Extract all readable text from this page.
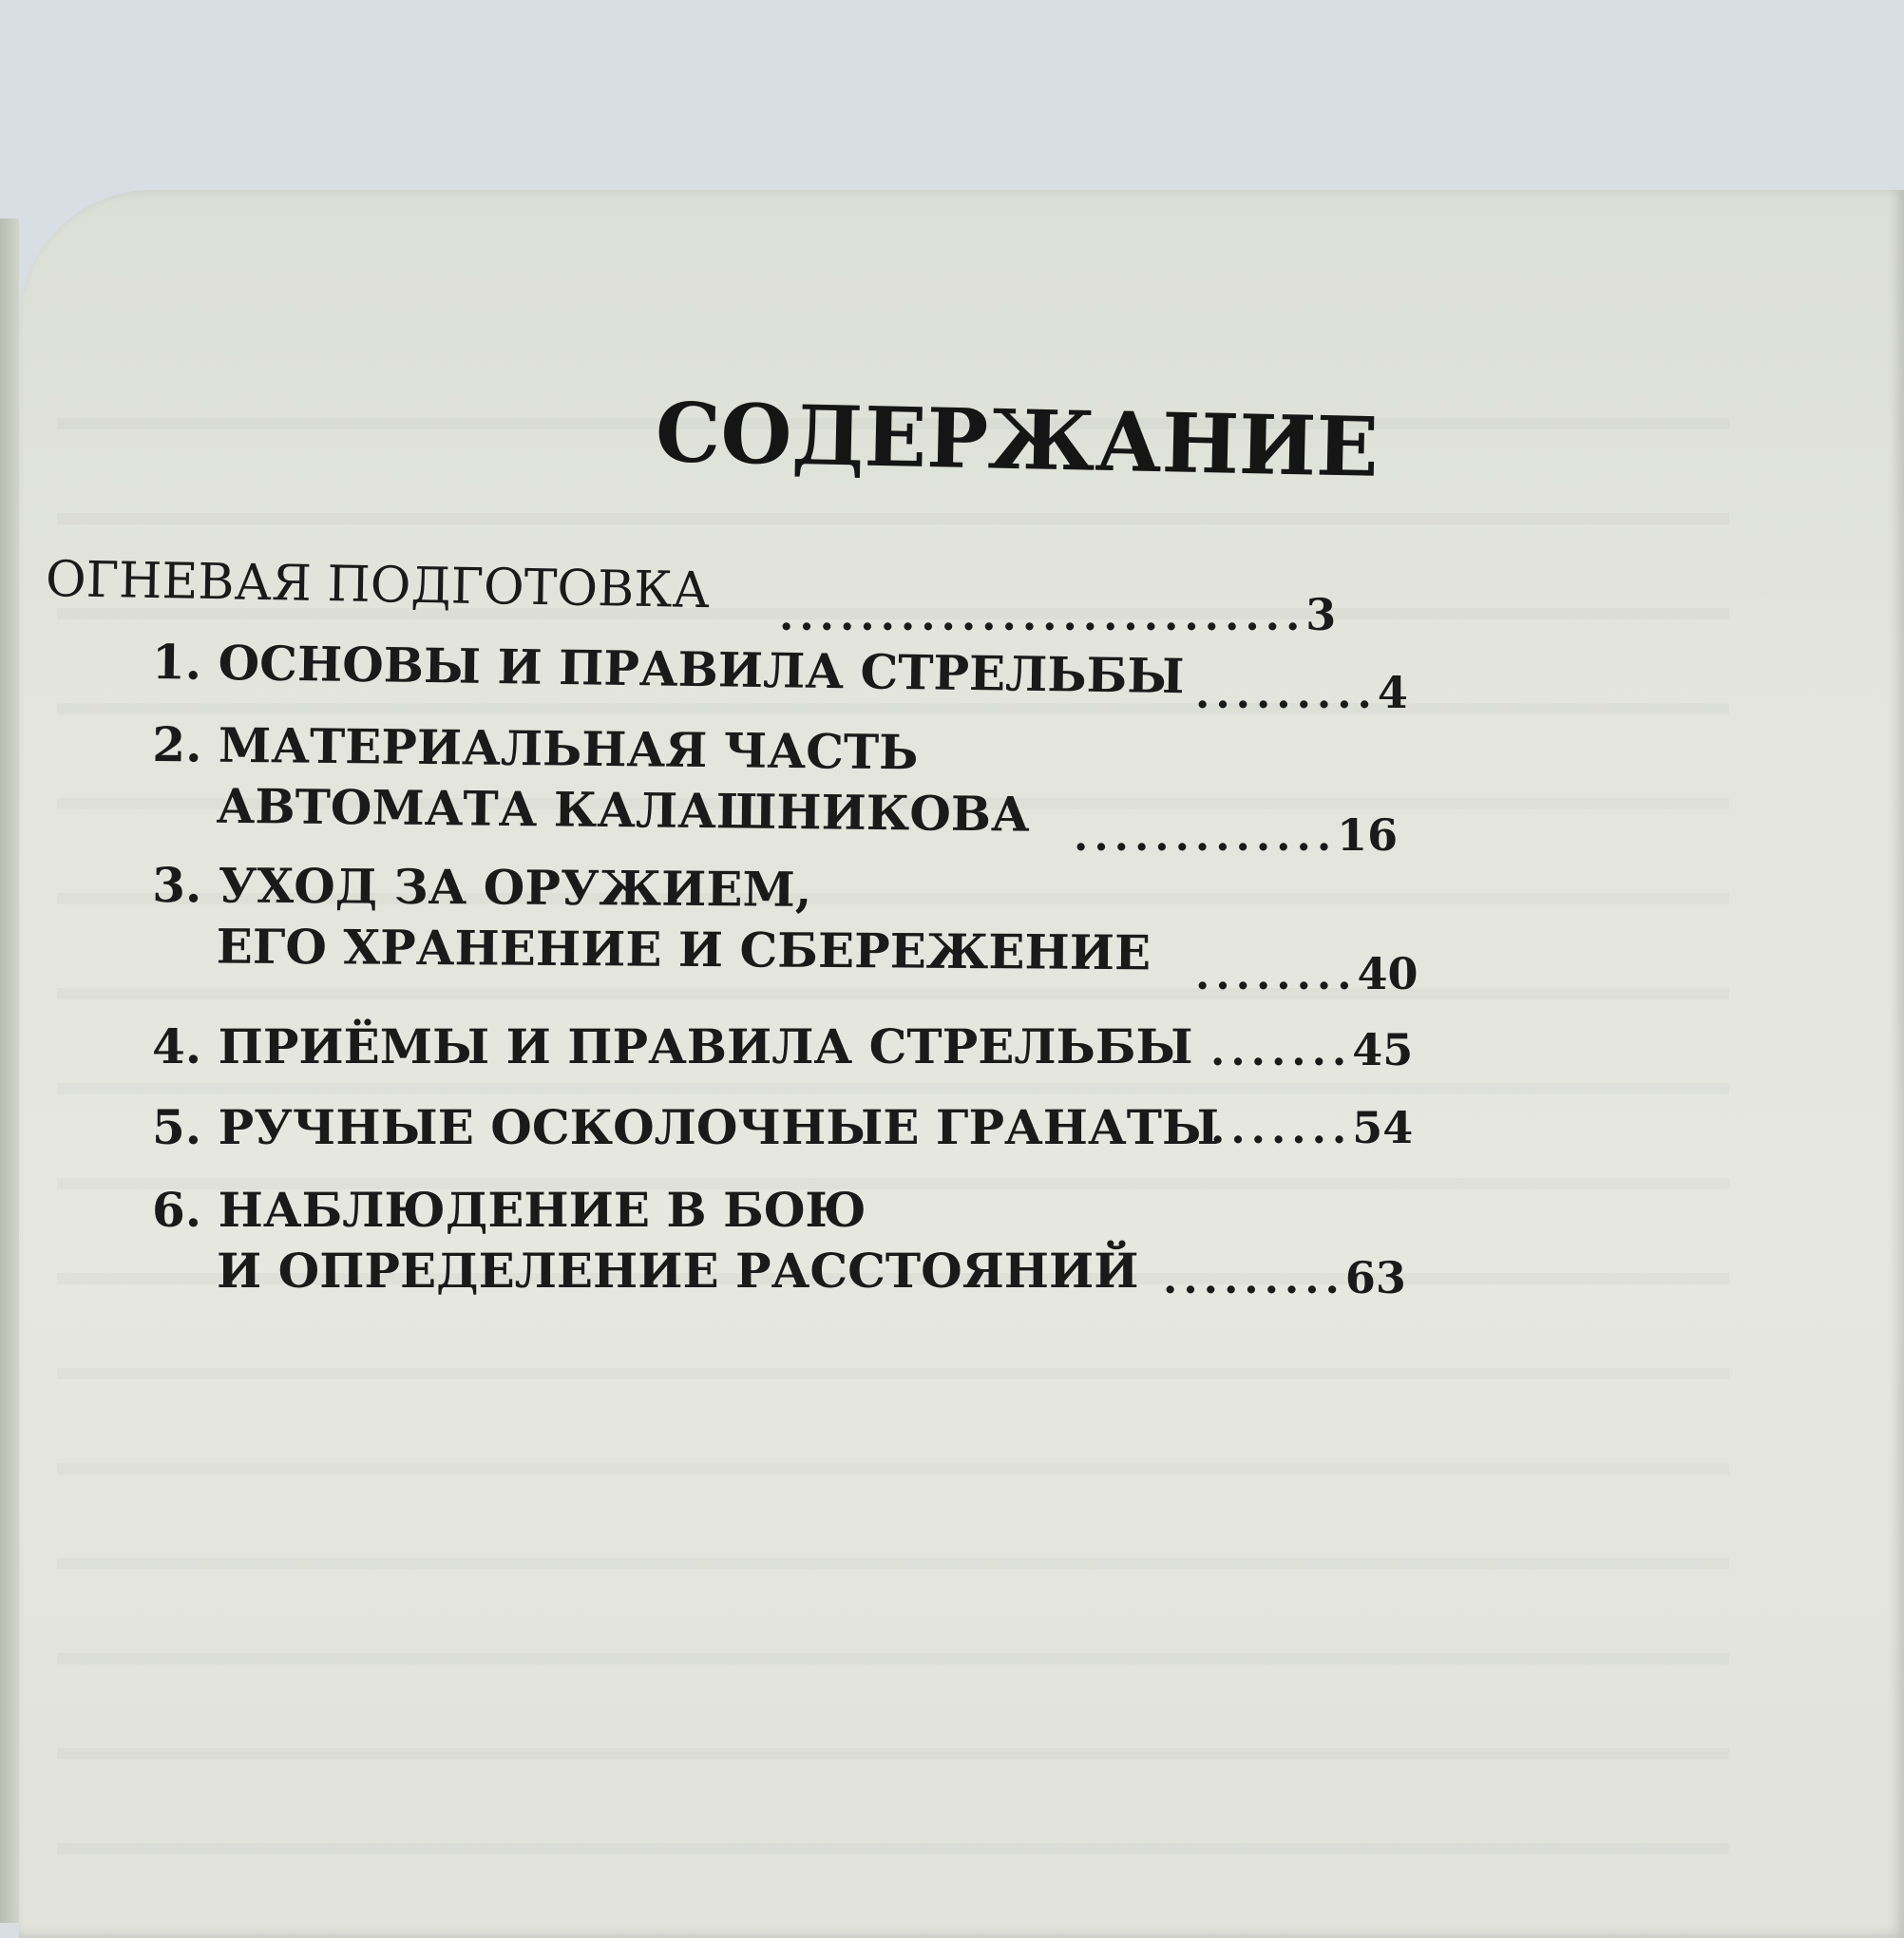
СОДЕРЖАНИЕ
ОГНЕВАЯ ПОДГОТОВКА ..........................3
1. ОСНОВЫ И ПРАВИЛА СТРЕЛЬБЫ .........4
2. МАТЕРИАЛЬНАЯ ЧАСТЬ
АВТОМАТА КАЛАШНИКОВА .............16
3. УХОД ЗА ОРУЖИЕМ,
ЕГО ХРАНЕНИЕ И СБЕРЕЖЕНИЕ ........40
4. ПРИЁМЫ И ПРАВИЛА СТРЕЛЬБЫ .......45
5. РУЧНЫЕ ОСКОЛОЧНЫЕ ГРАНАТЫ
.......54
6. НАБЛЮДЕНИЕ В БОЮ
И ОПРЕДЕЛЕНИЕ РАССТОЯНИЙ .........63
